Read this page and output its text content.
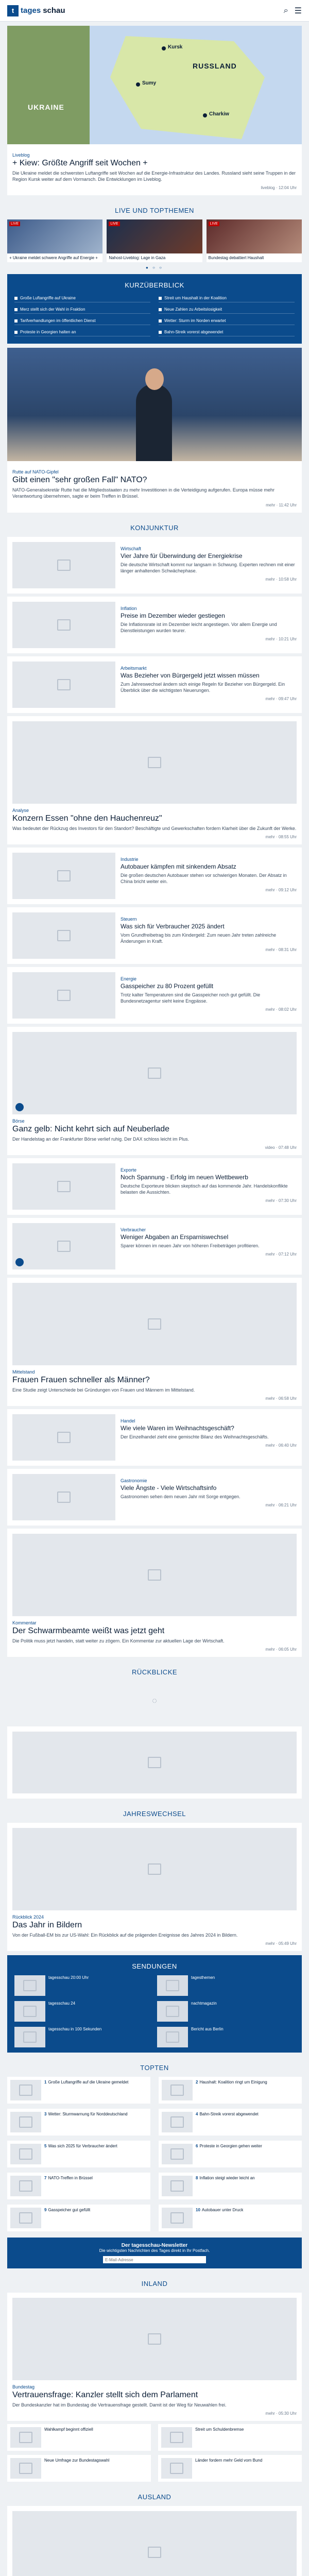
t tages schau	⌕ ☰
RUSSLAND
Kursk
Sumy
UKRAINE
Charkiw
Liveblog
+ Kiew: Größte Angriff seit Wochen +

Die Ukraine meldet die schwersten Luftangriffe seit Wochen auf die Energie-Infrastruktur des Landes. Russland sieht seine Truppen in der Region Kursk weiter auf dem Vormarsch. Die Entwicklungen im Liveblog.

liveblog · 12:04 Uhr
LIVE UND TOPTHEMEN
LIVE
+ Ukraine meldet schwere Angriffe auf Energie +
LIVE
Nahost-Liveblog: Lage in Gaza
LIVE
Bundestag debattiert Haushalt
● ○ ○
KURZÜBERBLICK
Große Luftangriffe auf Ukraine	Streit um Haushalt in der Koalition
Merz stellt sich der Wahl in Fraktion	Neue Zahlen zu Arbeitslosigkeit
Tarifverhandlungen im öffentlichen Dienst	Wetter: Sturm im Norden erwartet
Proteste in Georgien halten an	Bahn-Streik vorerst abgewendet
Rutte auf NATO-Gipfel
Gibt einen "sehr großen Fall" NATO?

NATO-Generalsekretär Rutte hat die Mitgliedsstaaten zu mehr Investitionen in die Verteidigung aufgerufen. Europa müsse mehr Verantwortung übernehmen, sagte er beim Treffen in Brüssel.

mehr · 11:42 Uhr
KONJUNKTUR
Wirtschaft
Vier Jahre für Überwindung der Energiekrise

Die deutsche Wirtschaft kommt nur langsam in Schwung. Experten rechnen mit einer länger anhaltenden Schwächephase.

mehr · 10:58 Uhr
Inflation
Preise im Dezember wieder gestiegen

Die Inflationsrate ist im Dezember leicht angestiegen. Vor allem Energie und Dienstleistungen wurden teurer.

mehr · 10:21 Uhr
Arbeitsmarkt
Was Bezieher von Bürgergeld jetzt wissen müssen

Zum Jahreswechsel ändern sich einige Regeln für Bezieher von Bürgergeld. Ein Überblick über die wichtigsten Neuerungen.

mehr · 09:47 Uhr
Analyse
Konzern Essen "ohne den Hauchenreuz"

Was bedeutet der Rückzug des Investors für den Standort? Beschäftigte und Gewerkschaften fordern Klarheit über die Zukunft der Werke.

mehr · 08:55 Uhr
Industrie
Autobauer kämpfen mit sinkendem Absatz

Die großen deutschen Autobauer stehen vor schwierigen Monaten. Der Absatz in China bricht weiter ein.

mehr · 09:12 Uhr
Steuern
Was sich für Verbraucher 2025 ändert

Vom Grundfreibetrag bis zum Kindergeld: Zum neuen Jahr treten zahlreiche Änderungen in Kraft.

mehr · 08:31 Uhr
Energie
Gasspeicher zu 80 Prozent gefüllt

Trotz kalter Temperaturen sind die Gasspeicher noch gut gefüllt. Die Bundesnetzagentur sieht keine Engpässe.

mehr · 08:02 Uhr
Börse
Ganz gelb: Nicht kehrt sich auf Neuberlade

Der Handelstag an der Frankfurter Börse verlief ruhig. Der DAX schloss leicht im Plus.

video · 07:48 Uhr
Exporte
Noch Spannung - Erfolg im neuen Wettbewerb

Deutsche Exporteure blicken skeptisch auf das kommende Jahr. Handelskonflikte belasten die Aussichten.

mehr · 07:30 Uhr
Verbraucher
Weniger Abgaben an Ersparniswechsel

Sparer können im neuen Jahr von höheren Freibeträgen profitieren.

mehr · 07:12 Uhr
Mittelstand
Frauen Frauen schneller als Männer?

Eine Studie zeigt Unterschiede bei Gründungen von Frauen und Männern im Mittelstand.

mehr · 06:58 Uhr
Handel
Wie viele Waren im Weihnachtsgeschäft?

Der Einzelhandel zieht eine gemischte Bilanz des Weihnachtsgeschäfts.

mehr · 06:40 Uhr
Gastronomie
Viele Ängste - Viele Wirtschaftsinfo

Gastronomen sehen dem neuen Jahr mit Sorge entgegen.

mehr · 06:21 Uhr
Kommentar
Der Schwarmbeamte weißt was jetzt geht

Die Politik muss jetzt handeln, statt weiter zu zögern. Ein Kommentar zur aktuellen Lage der Wirtschaft.

mehr · 06:05 Uhr
RÜCKBLICKE
◌
JAHRESWECHSEL
Rückblick 2024
Das Jahr in Bildern

Von der Fußball-EM bis zur US-Wahl: Ein Rückblick auf die prägenden Ereignisse des Jahres 2024 in Bildern.

mehr · 05:49 Uhr
SENDUNGEN
tagesschau 20:00 Uhr	tagesthemen
tagesschau 24	nachtmagazin
tagesschau in 100 Sekunden	Bericht aus Berlin
TOPTEN
1 Große Luftangriffe auf die Ukraine gemeldet	2 Haushalt: Koalition ringt um Einigung
3 Wetter: Sturmwarnung für Norddeutschland	4 Bahn-Streik vorerst abgewendet
5 Was sich 2025 für Verbraucher ändert	6 Proteste in Georgien gehen weiter
7 NATO-Treffen in Brüssel	8 Inflation steigt wieder leicht an
9 Gasspeicher gut gefüllt	10 Autobauer unter Druck
Der tagesschau-Newsletter
Die wichtigsten Nachrichten des Tages direkt in Ihr Postfach.
E-Mail-Adresse
INLAND
Bundestag
Vertrauensfrage: Kanzler stellt sich dem Parlament

Der Bundeskanzler hat im Bundestag die Vertrauensfrage gestellt. Damit ist der Weg für Neuwahlen frei.

mehr · 05:30 Uhr
Wahlkampf beginnt offiziell	Streit um Schuldenbremse
Neue Umfrage zur Bundestagswahl	Länder fordern mehr Geld vom Bund
AUSLAND
